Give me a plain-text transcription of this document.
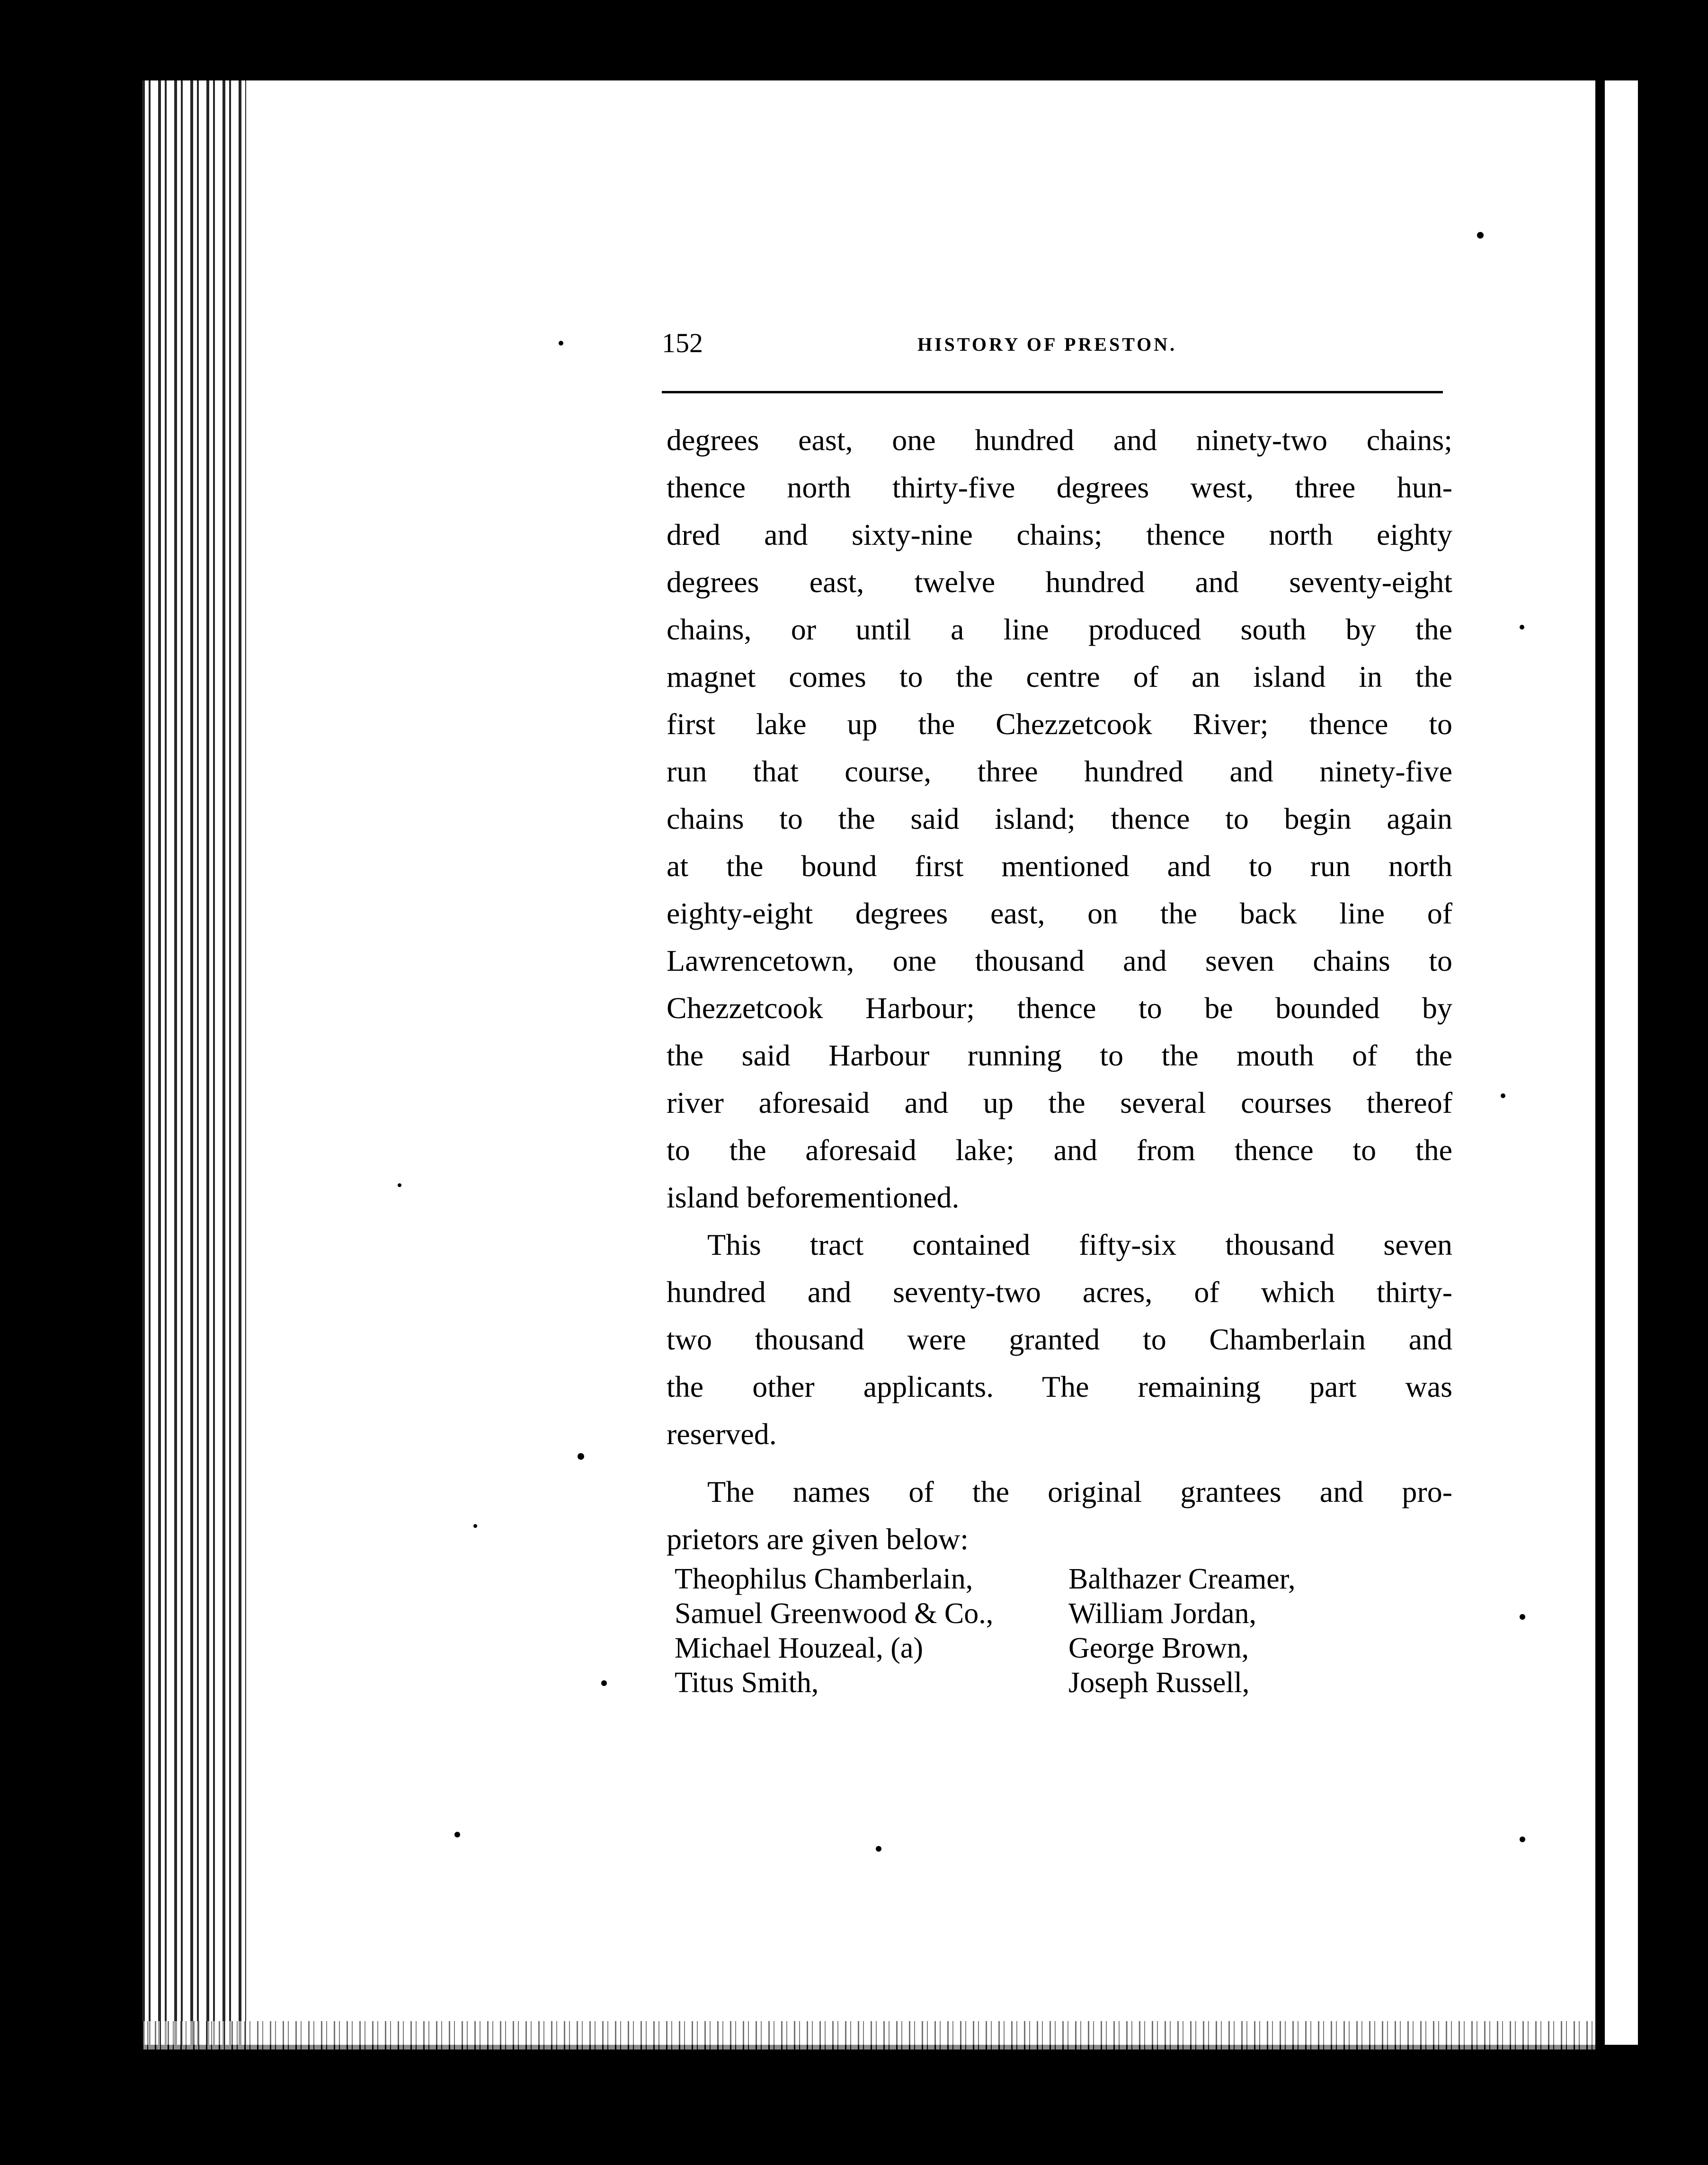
152	HISTORY OF PRESTON.
degrees east, one hundred and ninety-two chains;
thence north thirty-five degrees west, three hun-
dred and sixty-nine chains; thence north eighty
degrees east, twelve hundred and seventy-eight
chains, or until a line produced south by the
magnet comes to the centre of an island in the
first lake up the Chezzetcook River; thence to
run that course, three hundred and ninety-five
chains to the said island; thence to begin again
at the bound first mentioned and to run north
eighty-eight degrees east, on the back line of
Lawrencetown, one thousand and seven chains to
Chezzetcook Harbour; thence to be bounded by
the said Harbour running to the mouth of the
river aforesaid and up the several courses thereof
to the aforesaid lake; and from thence to the
island beforementioned.
This tract contained fifty-six thousand seven
hundred and seventy-two acres, of which thirty-
two thousand were granted to Chamberlain and
the other applicants. The remaining part was
reserved.
The names of the original grantees and pro-
prietors are given below:
Theophilus Chamberlain,	Balthazer Creamer,
Samuel Greenwood & Co.,	William Jordan,
Michael Houzeal, (a)	George Brown,
Titus Smith,	Joseph Russell,
